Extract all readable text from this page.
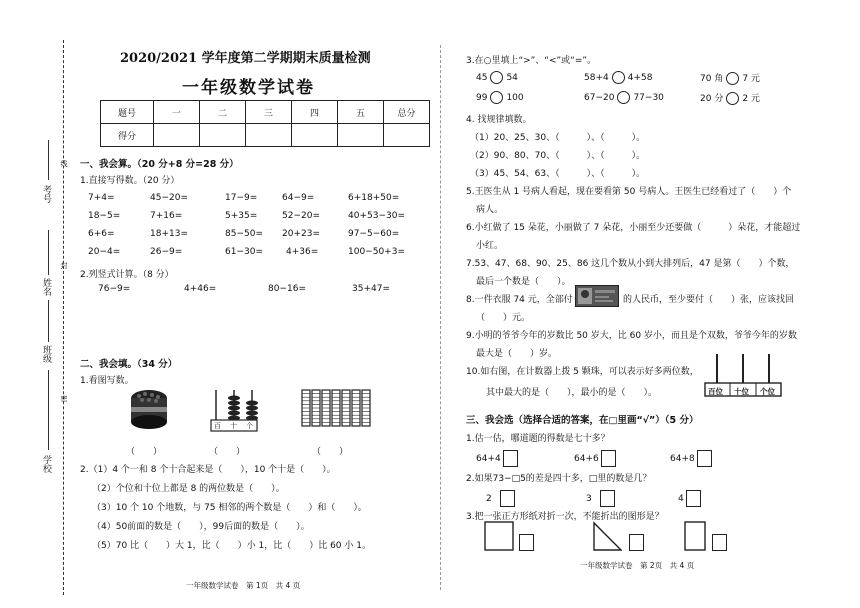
考号
姓名
班级
学校
线
封
密
2020/2021 学年度第二学期期末质量检测
一年级数学试卷
题号	一	二	三	四	五	总分
得分						
一、我会算。（20 分+8 分=28 分）
1.直接写得数。（20 分）
7+4=	45−20=	17−9=	64−9=	6+18+50=
18−5=	7+16=	5+35=	52−20=	40+53−30=
6+6=	18+13=	85−50= 20+23=	97−5−60=
20−4=	26−9=	61−30=	4+36=	100−50+3=
2.列竖式计算。（8 分）
76−9=	4+46=	80−16=	35+47=
二、我会填。（34 分）
1.看图写数。
百 十 个
（　　）	（　　）	（　　）
2.（1）4 个一和 8 个十合起来是（　　），10 个十是（　　）。
（2）个位和十位上都是 8 的两位数是（　　）。
（3）10 个 10 个地数，与 75 相邻的两个数是（　　）和（　　）。
（4）50前面的数是（　　），99后面的数是（　　）。
（5）70 比（　　）大 1，比（　　）小 1，比（　　）比 60 小 1。
一年级数学试卷　第 1页　共 4 页
3.在○里填上“>”、“<”或“=”。
45 54	58+4 4+58	70 角 7 元
99 100	67−20 77−30	20 分 2 元
4. 找规律填数。
（1）20、25、30、（　　　）、（　　　）。
（2）90、80、70、（　　　）、（　　　）。
（3）45、54、63、（　　　）、（　　　）。
5.王医生从 1 号病人看起，现在要看第 50 号病人。王医生已经看过了（　　）个
病人。
6.小红做了 15 朵花，小丽做了 7 朵花，小丽至少还要做（　　　）朵花，才能超过
小红。
7.53、47、68、90、25、86 这几个数从小到大排列后，47 是第（　　）个数，
最后一个数是（　　）。
8.一件衣服 74 元，全部付	的人民币，至少要付（　　）张，应该找回
（　　）元。
9.小明的爷爷今年的岁数比 50 岁大，比 60 岁小，而且是个双数，爷爷今年的岁数
最大是（　　）岁。
10.如右图，在计数器上拨 5 颗珠，可以表示好多两位数，
其中最大的是（　　），最小的是（　　）。	百位 十位 个位
三、我会选（选择合适的答案，在□里画“√”）（5 分）
1.估一估，哪道题的得数是七十多？
64+4	64+6	64+8
2.如果73−□5的差是四十多，□里的数是几？
2	3	4
3.把一张正方形纸对折一次，不能折出的图形是？
一年级数学试卷　第 2页　共 4 页
